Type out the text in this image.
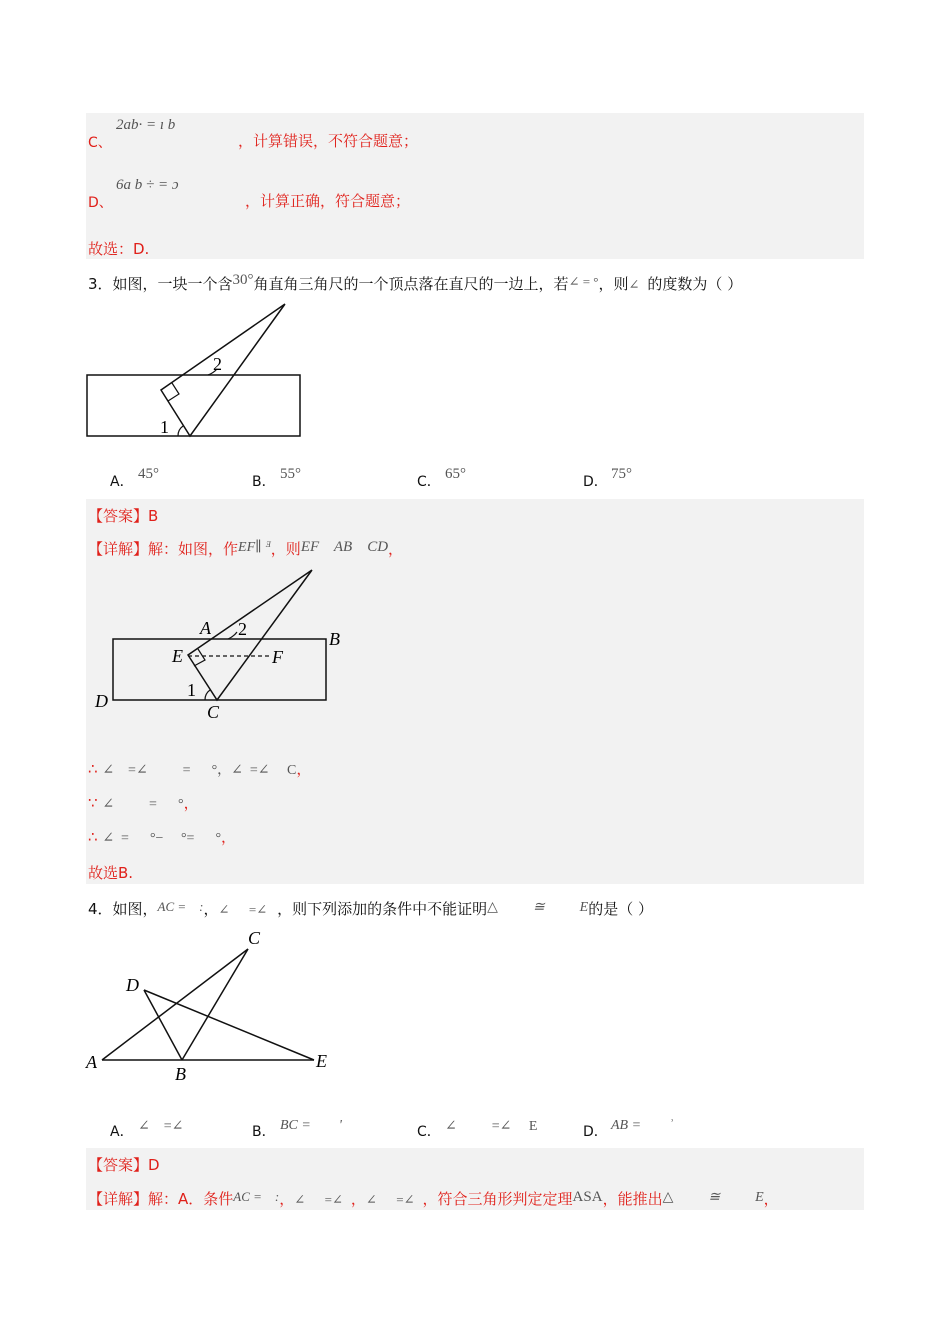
C、
2ab· = ı b
，计算错误，不符合题意；
D、
6a b ÷ = ɔ
，计算正确，符合题意；
故选：D.
3．如图，一块一个含30°角直角三角尺的一个顶点落在直尺的一边上，若∠ = °，则∠ 的度数为（ ）
1
2
A． 45°	B． 55°	C． 65°	D． 75°
【答案】B
【详解】解：如图，作EF∥ ᴲ，则EF    AB    CD，
A 2	B
E	F
1
D
C
∴ ∠    =∠          =      °，∠  =∠     C，
∵ ∠          =      °，
∴ ∠  =      °−     °=      °，
故选B.
4．如图，AC =    :，∠      =∠ ，则下列添加的条件中不能证明△          ≅          E的是（ ）
A
B
C
D
E
A． ∠    =∠	B． BC =        '	C． ∠          =∠     E	D． AB =        ʾ
【答案】D
【详解】解：A．条件AC =    :，∠      =∠ ，∠      =∠ ，符合三角形判定定理ASA，能推出△          ≅          E，
